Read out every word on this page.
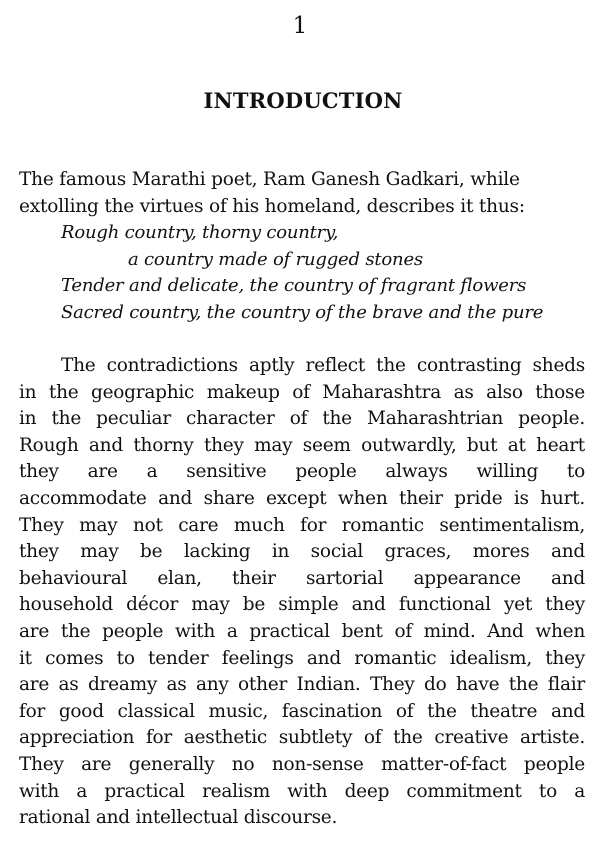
1
INTRODUCTION
The famous Marathi poet, Ram Ganesh Gadkari, while
extolling the virtues of his homeland, describes it thus:
Rough country, thorny country,
a country made of rugged stones
Tender and delicate, the country of fragrant flowers
Sacred country, the country of the brave and the pure
The contradictions aptly reflect the contrasting sheds
in the geographic makeup of Maharashtra as also those
in the peculiar character of the Maharashtrian people.
Rough and thorny they may seem outwardly, but at heart
they are a sensitive people always willing to
accommodate and share except when their pride is hurt.
They may not care much for romantic sentimentalism,
they may be lacking in social graces, mores and
behavioural elan, their sartorial appearance and
household décor may be simple and functional yet they
are the people with a practical bent of mind. And when
it comes to tender feelings and romantic idealism, they
are as dreamy as any other Indian. They do have the flair
for good classical music, fascination of the theatre and
appreciation for aesthetic subtlety of the creative artiste.
They are generally no non-sense matter-of-fact people
with a practical realism with deep commitment to a
rational and intellectual discourse.
